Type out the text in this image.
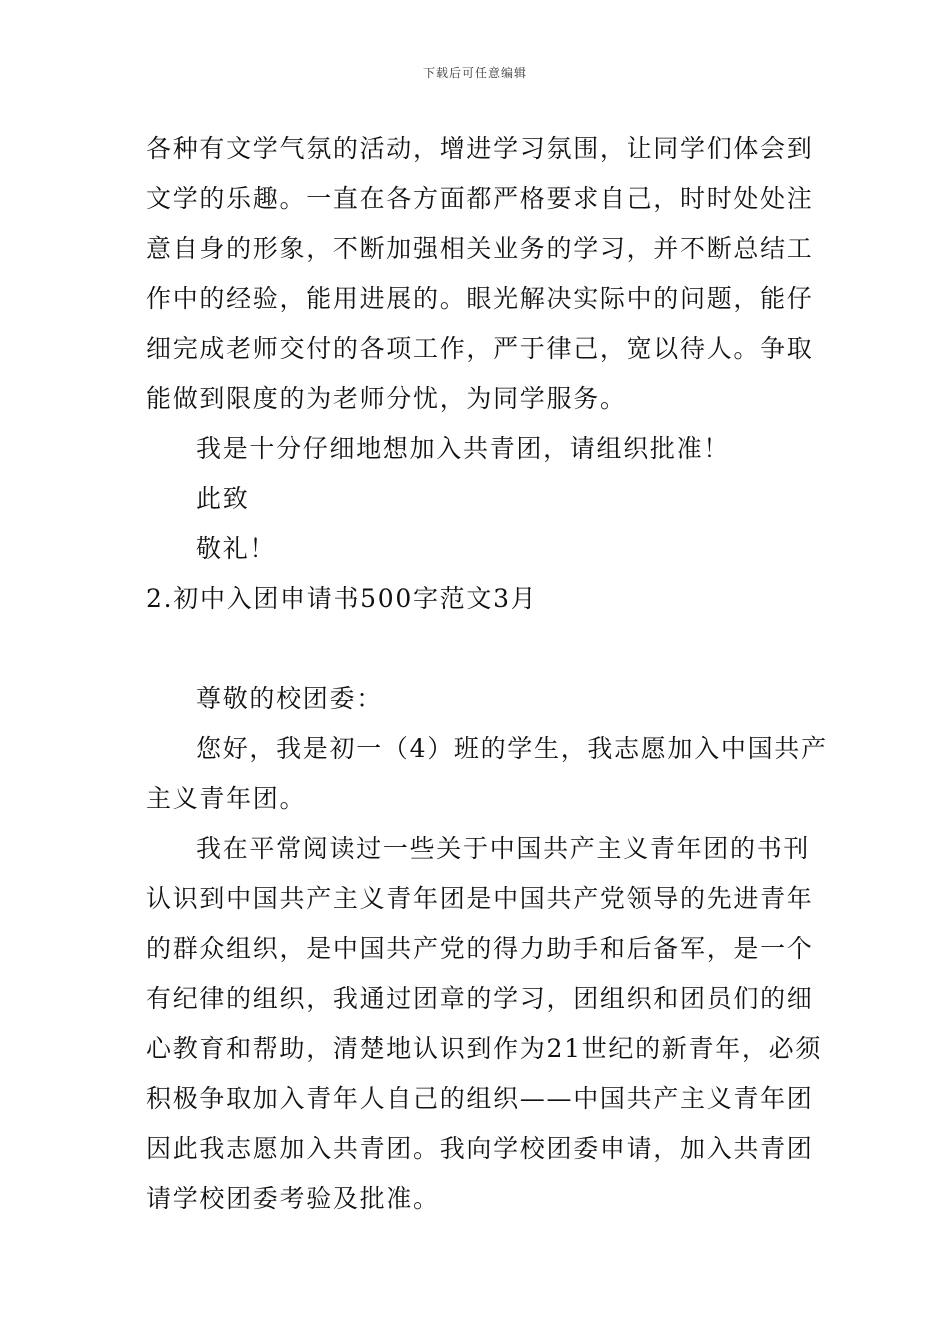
下载后可任意编辑
各种有文学气氛的活动，增进学习氛围，让同学们体会到
文学的乐趣。一直在各方面都严格要求自己，时时处处注
意自身的形象，不断加强相关业务的学习，并不断总结工
作中的经验，能用进展的。眼光解决实际中的问题，能仔
细完成老师交付的各项工作，严于律己，宽以待人。争取
能做到限度的为老师分忧，为同学服务。
我是十分仔细地想加入共青团，请组织批准！
此致
敬礼！
2.初中入团申请书500字范文3月
尊敬的校团委：
您好，我是初一（4）班的学生，我志愿加入中国共产
主义青年团。
我在平常阅读过一些关于中国共产主义青年团的书刊
认识到中国共产主义青年团是中国共产党领导的先进青年
的群众组织，是中国共产党的得力助手和后备军，是一个
有纪律的组织，我通过团章的学习，团组织和团员们的细
心教育和帮助，清楚地认识到作为21世纪的新青年，必须
积极争取加入青年人自己的组织——中国共产主义青年团
因此我志愿加入共青团。我向学校团委申请，加入共青团
请学校团委考验及批准。
